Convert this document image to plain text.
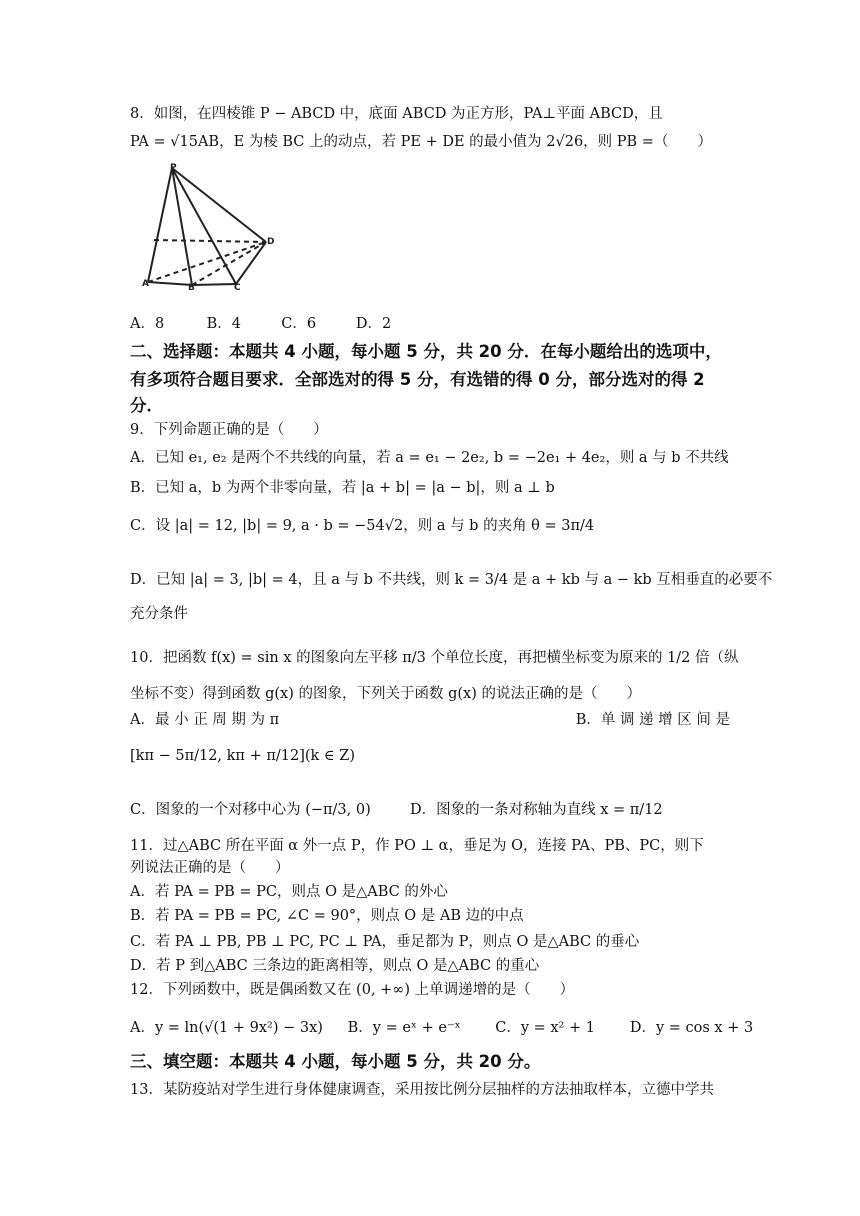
8．如图，在四棱锥 P − ABCD 中，底面 ABCD 为正方形，PA⊥平面 ABCD，且
PA = √15AB，E 为棱 BC 上的动点，若 PE + DE 的最小值为 2√26，则 PB =（　　）
P
A	B	C
D
A．8	B．4	C．6	D．2
二、选择题：本题共 4 小题，每小题 5 分，共 20 分．在每小题给出的选项中，
有多项符合题目要求．全部选对的得 5 分，有选错的得 0 分，部分选对的得 2
分．
9．下列命题正确的是（　　）
A．已知 e₁, e₂ 是两个不共线的向量，若 a = e₁ − 2e₂, b = −2e₁ + 4e₂，则 a 与 b 不共线
B．已知 a，b 为两个非零向量，若 |a + b| = |a − b|，则 a ⊥ b
C．设 |a| = 12, |b| = 9, a · b = −54√2，则 a 与 b 的夹角 θ = 3π/4
D．已知 |a| = 3, |b| = 4，且 a 与 b 不共线，则 k = 3/4 是 a + kb 与 a − kb 互相垂直的必要不
充分条件
10．把函数 f(x) = sin x 的图象向左平移 π/3 个单位长度，再把横坐标变为原来的 1/2 倍（纵
坐标不变）得到函数 g(x) 的图象，下列关于函数 g(x) 的说法正确的是（　　）
A．最 小 正 周 期 为 π	B．单 调 递 增 区 间 是
[kπ − 5π/12, kπ + π/12](k ∈ Z)
C．图象的一个对移中心为 (−π/3, 0)	D．图象的一条对称轴为直线 x = π/12
11．过△ABC 所在平面 α 外一点 P，作 PO ⊥ α，垂足为 O，连接 PA、PB、PC，则下
列说法正确的是（　　）
A．若 PA = PB = PC，则点 O 是△ABC 的外心
B．若 PA = PB = PC, ∠C = 90°，则点 O 是 AB 边的中点
C．若 PA ⊥ PB, PB ⊥ PC, PC ⊥ PA，垂足都为 P，则点 O 是△ABC 的垂心
D．若 P 到△ABC 三条边的距离相等，则点 O 是△ABC 的重心
12．下列函数中，既是偶函数又在 (0, +∞) 上单调递增的是（　　）
A．y = ln(√(1 + 9x²) − 3x) B．y = eˣ + e⁻ˣ C．y = x² + 1 D．y = cos x + 3
三、填空题：本题共 4 小题，每小题 5 分，共 20 分。
13．某防疫站对学生进行身体健康调查，采用按比例分层抽样的方法抽取样本，立德中学共
